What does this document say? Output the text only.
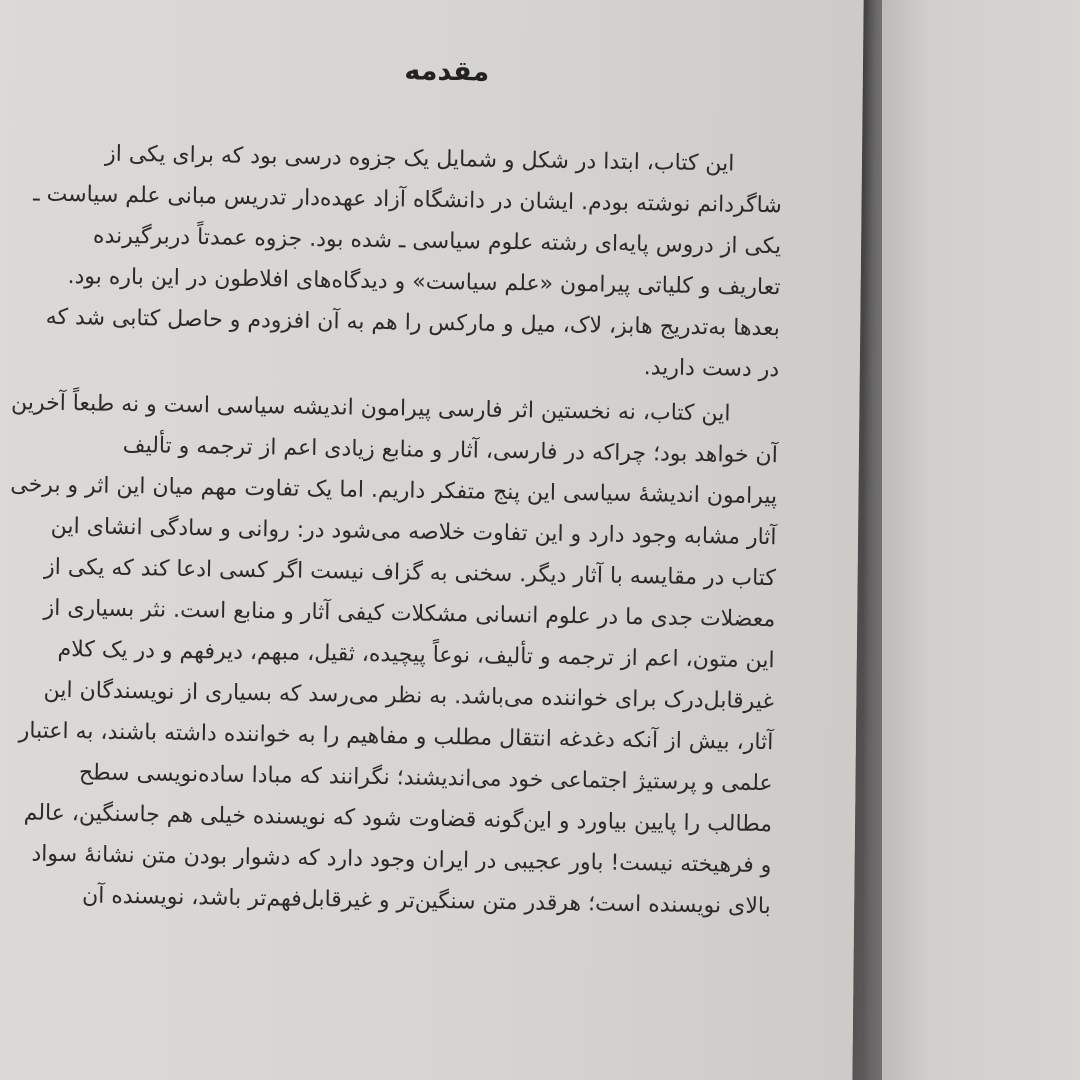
مقدمه
این کتاب، ابتدا در شکل و شمایل یک جزوه درسی بود که برای یکی از
شاگردانم نوشته بودم. ایشان در دانشگاه آزاد عهده‌دار تدریس مبانی علم سیاست ـ
یکی از دروس پایه‌ای رشته علوم سیاسی ـ شده بود. جزوه عمدتاً دربرگیرنده
تعاریف و کلیاتی پیرامون «علم سیاست» و دیدگاه‌های افلاطون در این باره بود.
بعدها به‌تدریج هابز، لاک، میل و مارکس را هم به آن افزودم و حاصل کتابی شد که
در دست دارید.
این کتاب، نه نخستین اثر فارسی پیرامون اندیشه سیاسی است و نه طبعاً آخرین
آن خواهد بود؛ چراکه در فارسی، آثار و منابع زیادی اعم از ترجمه و تألیف
پیرامون اندیشهٔ سیاسی این پنج متفکر داریم. اما یک تفاوت مهم میان این اثر و برخی
آثار مشابه وجود دارد و این تفاوت خلاصه می‌شود در: روانی و سادگی انشای این
کتاب در مقایسه با آثار دیگر. سخنی به گزاف نیست اگر کسی ادعا کند که یکی از
معضلات جدی ما در علوم انسانی مشکلات کیفی آثار و منابع است. نثر بسیاری از
این متون، اعم از ترجمه و تألیف، نوعاً پیچیده، ثقیل، مبهم، دیرفهم و در یک کلام
غیرقابل‌درک برای خواننده می‌باشد. به نظر می‌رسد که بسیاری از نویسندگان این
آثار، بیش از آنکه دغدغه انتقال مطلب و مفاهیم را به خواننده داشته باشند، به اعتبار
علمی و پرستیژ اجتماعی خود می‌اندیشند؛ نگرانند که مبادا ساده‌نویسی سطح
مطالب را پایین بیاورد و این‌گونه قضاوت شود که نویسنده خیلی هم جاسنگین، عالم
و فرهیخته نیست! باور عجیبی در ایران وجود دارد که دشوار بودن متن نشانهٔ سواد
بالای نویسنده است؛ هرقدر متن سنگین‌تر و غیرقابل‌فهم‌تر باشد، نویسنده آن
